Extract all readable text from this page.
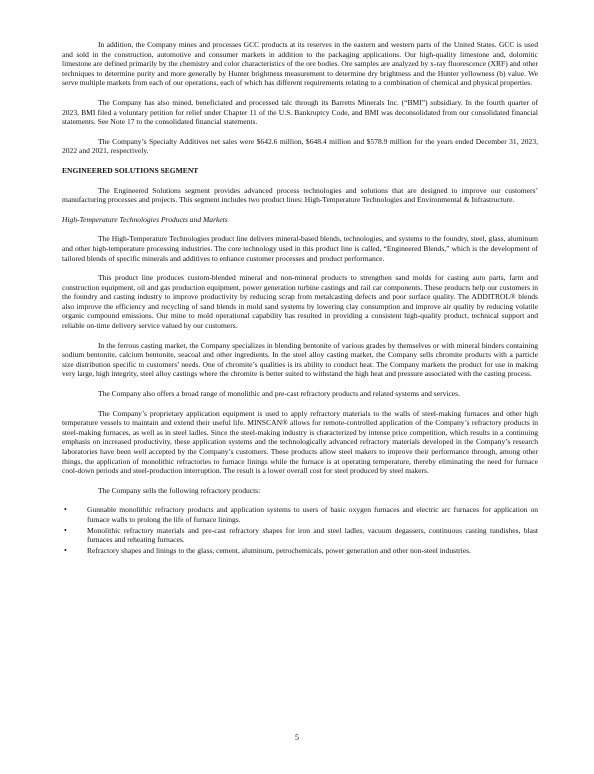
In addition, the Company mines and processes GCC products at its reserves in the eastern and western parts of the United States. GCC is used and sold in the construction, automotive and consumer markets in addition to the packaging applications. Our high-quality limestone and, dolomitic limestone are defined primarily by the chemistry and color characteristics of the ore bodies. Ore samples are analyzed by x-ray fluorescence (XRF) and other techniques to determine purity and more generally by Hunter brightness measurement to determine dry brightness and the Hunter yellowness (b) value. We serve multiple markets from each of our operations, each of which has different requirements relating to a combination of chemical and physical properties.

The Company has also mined, beneficiated and processed talc through its Barretts Minerals Inc. (“BMI”) subsidiary. In the fourth quarter of 2023, BMI filed a voluntary petition for relief under Chapter 11 of the U.S. Bankruptcy Code, and BMI was deconsolidated from our consolidated financial statements. See Note 17 to the consolidated financial statements.

The Company’s Specialty Additives net sales were $642.6 million, $648.4 million and $578.9 million for the years ended December 31, 2023, 2022 and 2021, respectively.

ENGINEERED SOLUTIONS SEGMENT

The Engineered Solutions segment provides advanced process technologies and solutions that are designed to improve our customers’ manufacturing processes and projects. This segment includes two product lines: High-Temperature Technologies and Environmental & Infrastructure.

High-Temperature Technologies Products and Markets

The High-Temperature Technologies product line delivers mineral-based blends, technologies, and systems to the foundry, steel, glass, aluminum and other high-temperature processing industries. The core technology used in this product line is called, “Engineered Blends,” which is the development of tailored blends of specific minerals and additives to enhance customer processes and product performance.

This product line produces custom-blended mineral and non-mineral products to strengthen sand molds for casting auto parts, farm and construction equipment, oil and gas production equipment, power generation turbine castings and rail car components. These products help our customers in the foundry and casting industry to improve productivity by reducing scrap from metalcasting defects and poor surface quality. The ADDITROL® blends also improve the efficiency and recycling of sand blends in mold sand systems by lowering clay consumption and improve air quality by reducing volatile organic compound emissions. Our mine to mold operational capability has resulted in providing a consistent high-quality product, technical support and reliable on-time delivery service valued by our customers.

In the ferrous casting market, the Company specializes in blending bentonite of various grades by themselves or with mineral binders containing sodium bentonite, calcium bentonite, seacoal and other ingredients. In the steel alloy casting market, the Company sells chromite products with a particle size distribution specific to customers’ needs. One of chromite’s qualities is its ability to conduct heat. The Company markets the product for use in making very large, high integrity, steel alloy castings where the chromite is better suited to withstand the high heat and pressure associated with the casting process.

The Company also offers a broad range of monolithic and pre-cast refractory products and related systems and services.

The Company’s proprietary application equipment is used to apply refractory materials to the walls of steel-making furnaces and other high temperature vessels to maintain and extend their useful life. MINSCAN® allows for remote-controlled application of the Company’s refractory products in steel-making furnaces, as well as in steel ladles. Since the steel-making industry is characterized by intense price competition, which results in a continuing emphasis on increased productivity, these application systems and the technologically advanced refractory materials developed in the Company’s research laboratories have been well accepted by the Company’s customers. These products allow steel makers to improve their performance through, among other things, the application of monolithic refractories to furnace linings while the furnace is at operating temperature, thereby eliminating the need for furnace cool-down periods and steel-production interruption. The result is a lower overall cost for steel produced by steel makers.

The Company sells the following refractory products:

•	Gunnable monolithic refractory products and application systems to users of basic oxygen furnaces and electric arc furnaces for application on furnace walls to prolong the life of furnace linings.
•	Monolithic refractory materials and pre-cast refractory shapes for iron and steel ladles, vacuum degassers, continuous casting tundishes, blast furnaces and reheating furnaces.
•	Refractory shapes and linings to the glass, cement, aluminum, petrochemicals, power generation and other non-steel industries.
5
